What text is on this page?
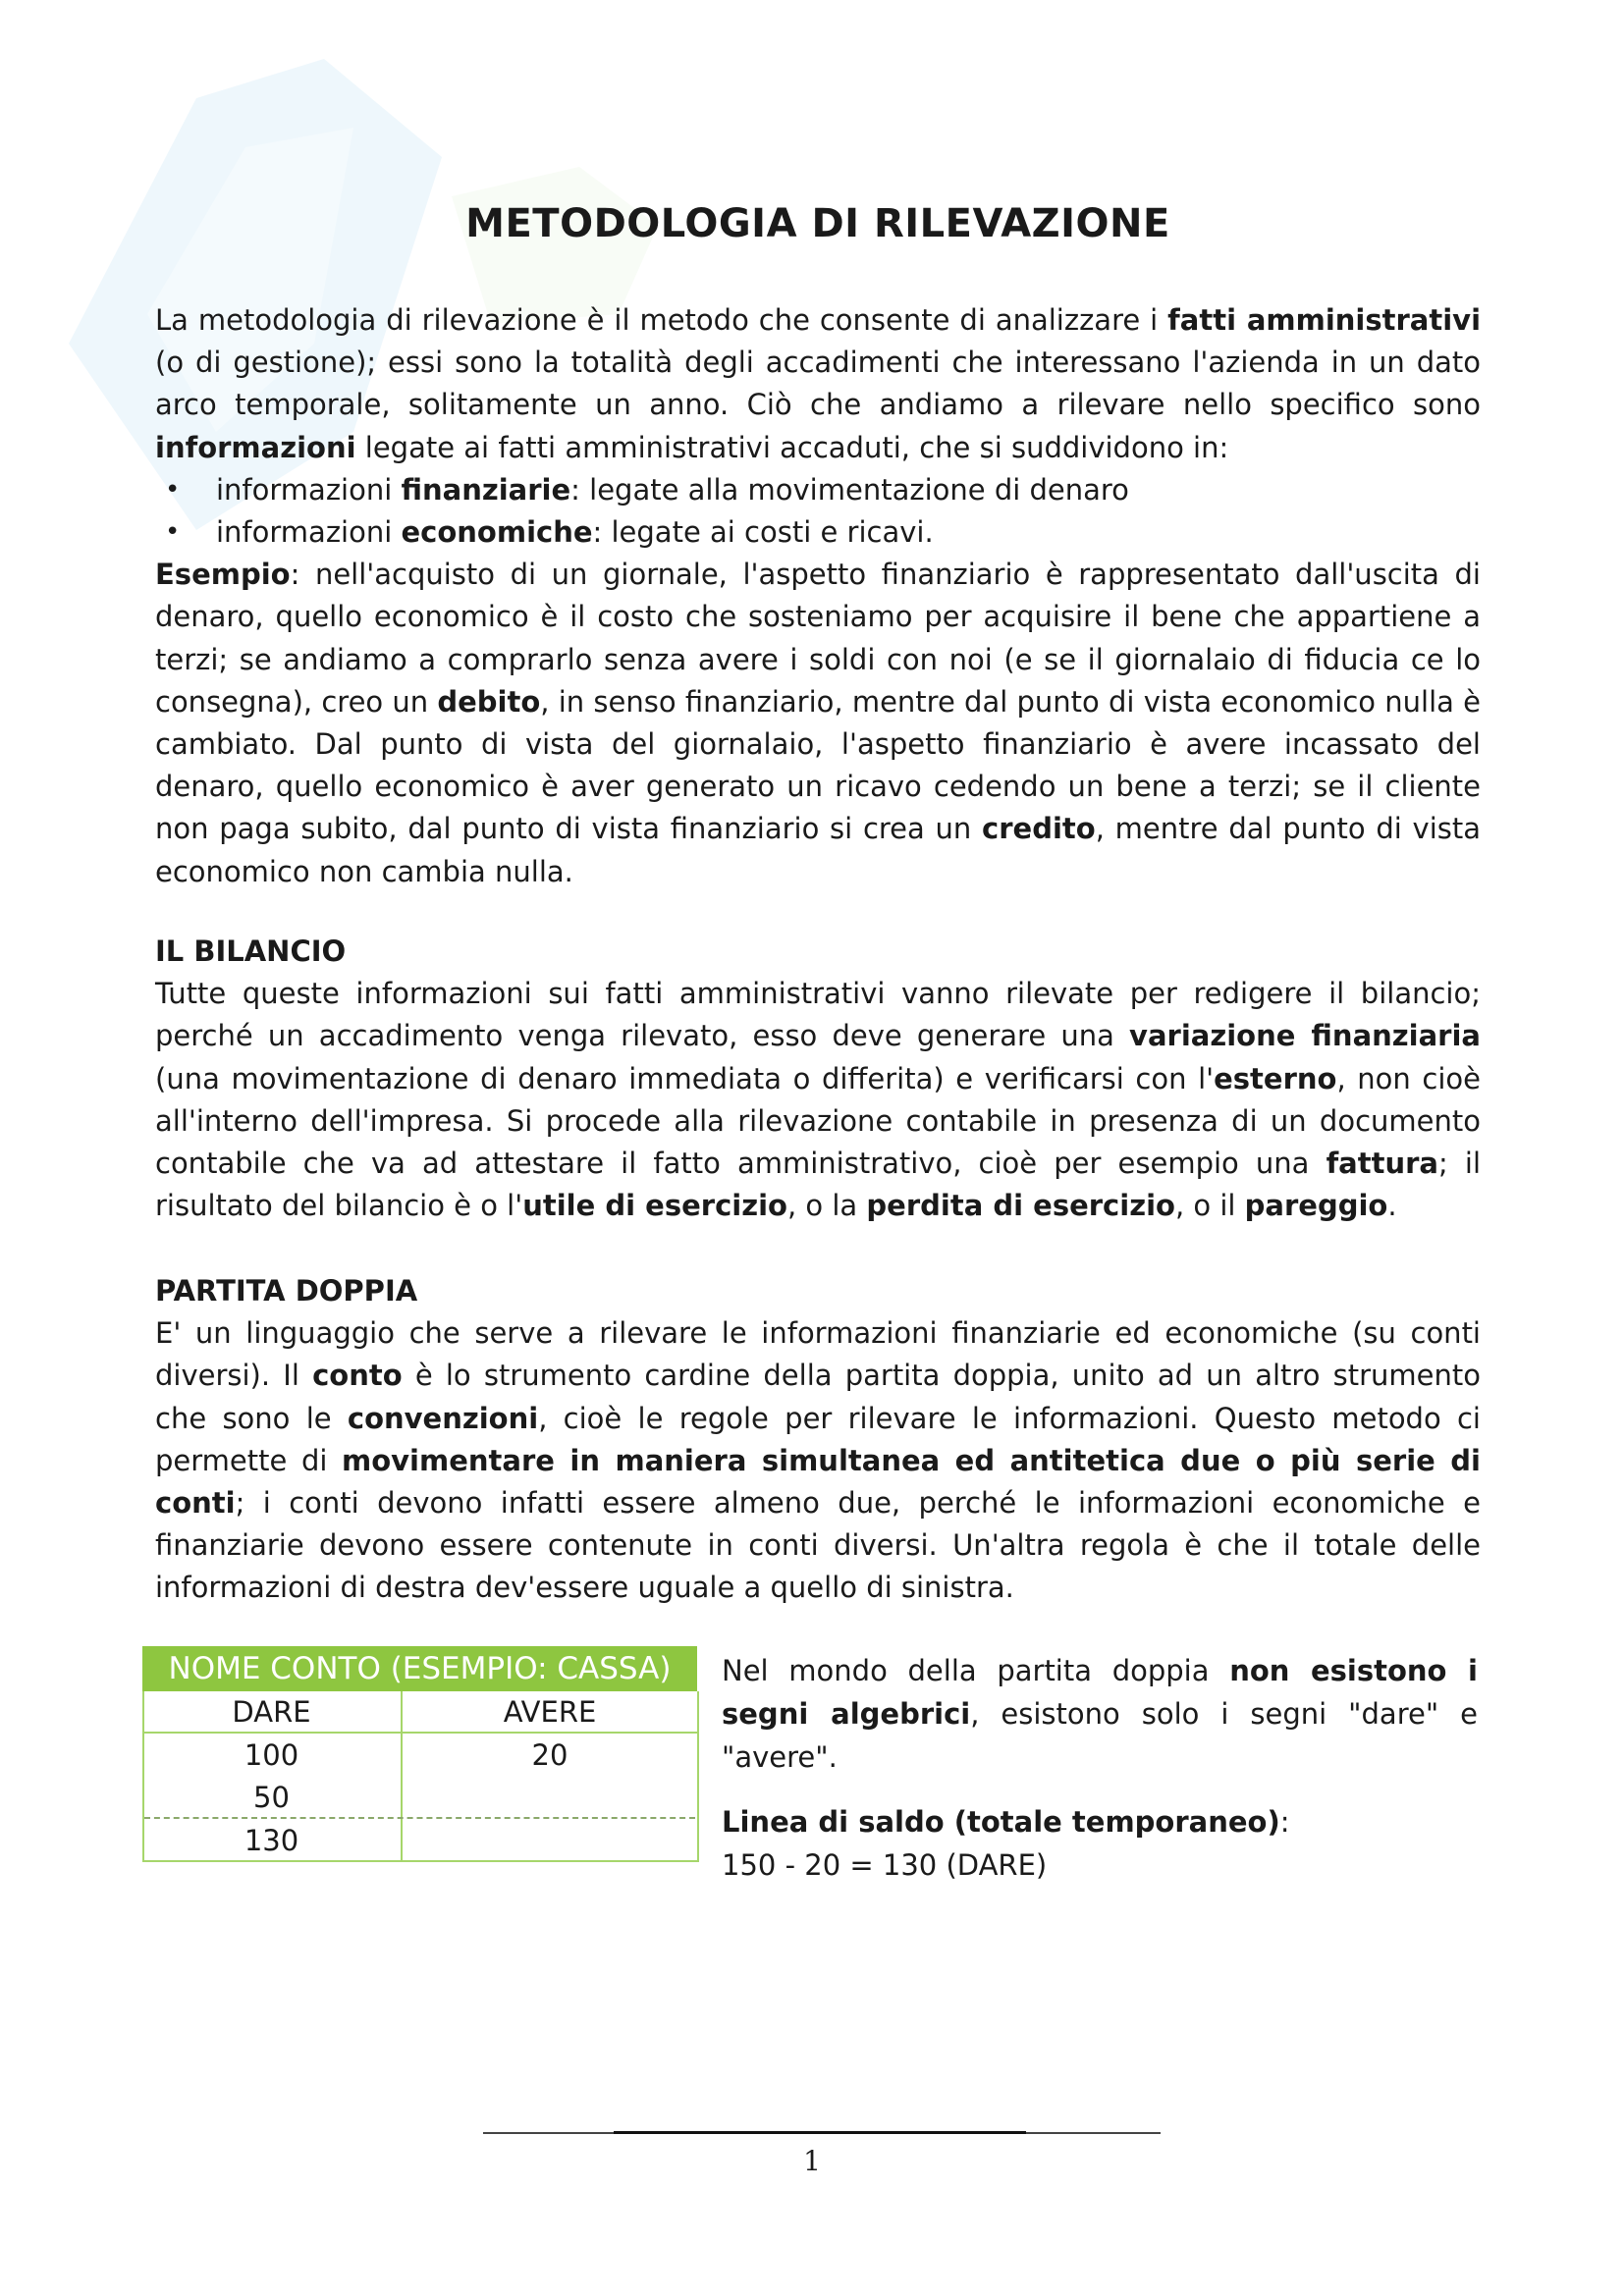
METODOLOGIA DI RILEVAZIONE

La metodologia di rilevazione è il metodo che consente di analizzare i fatti amministrativi (o di gestione); essi sono la totalità degli accadimenti che interessano l'azienda in un dato arco temporale, solitamente un anno. Ciò che andiamo a rilevare nello specifico sono informazioni legate ai fatti amministrativi accaduti, che si suddividono in:

• informazioni finanziarie: legate alla movimentazione di denaro
• informazioni economiche: legate ai costi e ricavi.

Esempio: nell'acquisto di un giornale, l'aspetto finanziario è rappresentato dall'uscita di denaro, quello economico è il costo che sosteniamo per acquisire il bene che appartiene a terzi; se andiamo a comprarlo senza avere i soldi con noi (e se il giornalaio di fiducia ce lo consegna), creo un debito, in senso finanziario, mentre dal punto di vista economico nulla è cambiato. Dal punto di vista del giornalaio, l'aspetto finanziario è avere incassato del denaro, quello economico è aver generato un ricavo cedendo un bene a terzi; se il cliente non paga subito, dal punto di vista finanziario si crea un credito, mentre dal punto di vista economico non cambia nulla.

IL BILANCIO

Tutte queste informazioni sui fatti amministrativi vanno rilevate per redigere il bilancio; perché un accadimento venga rilevato, esso deve generare una variazione finanziaria (una movimentazione di denaro immediata o differita) e verificarsi con l'esterno, non cioè all'interno dell'impresa. Si procede alla rilevazione contabile in presenza di un documento contabile che va ad attestare il fatto amministrativo, cioè per esempio una fattura; il risultato del bilancio è o l'utile di esercizio, o la perdita di esercizio, o il pareggio.

PARTITA DOPPIA

E' un linguaggio che serve a rilevare le informazioni finanziarie ed economiche (su conti diversi). Il conto è lo strumento cardine della partita doppia, unito ad un altro strumento che sono le convenzioni, cioè le regole per rilevare le informazioni. Questo metodo ci permette di movimentare in maniera simultanea ed antitetica due o più serie di conti; i conti devono infatti essere almeno due, perché le informazioni economiche e finanziarie devono essere contenute in conti diversi. Un'altra regola è che il totale delle informazioni di destra dev'essere uguale a quello di sinistra.

NOME CONTO (ESEMPIO: CASSA)
DARE	AVERE
100
50
20
130

Nel mondo della partita doppia non esistono i segni algebrici, esistono solo i segni "dare" e "avere".

Linea di saldo (totale temporaneo):
150 - 20 = 130 (DARE)
1
